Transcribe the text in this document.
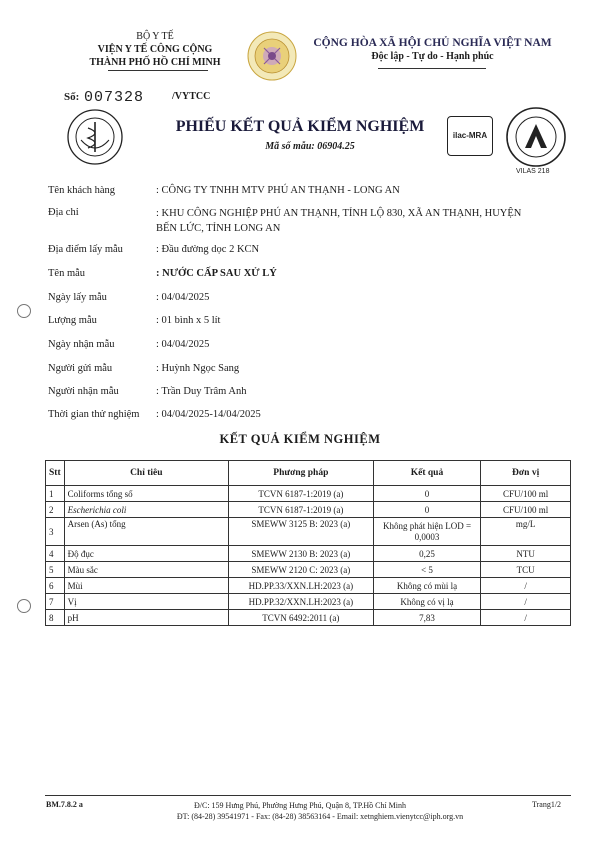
BỘ Y TẾ
VIỆN Y TẾ CÔNG CỘNG
THÀNH PHỐ HỒ CHÍ MINH
CỘNG HÒA XÃ HỘI CHỦ NGHĨA VIỆT NAM
Độc lập - Tự do - Hạnh phúc
Số: 007328	/VYTCC
PHIẾU KẾT QUẢ KIỂM NGHIỆM
Mã số mẫu: 06904.25
ilac-MRA
VILAS 218
Tên khách hàng	: CÔNG TY TNHH MTV PHÚ AN THẠNH - LONG AN
Địa chỉ	: KHU CÔNG NGHIỆP PHÚ AN THẠNH, TỈNH LỘ 830, XÃ AN THẠNH, HUYỆN BẾN LỨC, TỈNH LONG AN
Địa điểm lấy mẫu	: Đầu đường dọc 2 KCN
Tên mẫu	: NƯỚC CẤP SAU XỬ LÝ
Ngày lấy mẫu	: 04/04/2025
Lượng mẫu	: 01 bình x 5 lít
Ngày nhận mẫu	: 04/04/2025
Người gửi mẫu	: Huỳnh Ngọc Sang
Người nhận mẫu	: Trần Duy Trâm Anh
Thời gian thử nghiệm : 04/04/2025-14/04/2025
KẾT QUẢ KIỂM NGHIỆM
Stt	Chỉ tiêu	Phương pháp	Kết quả	Đơn vị
1	Coliforms tổng số	TCVN 6187-1:2019 (a)	0	CFU/100 ml
2	Escherichia coli	TCVN 6187-1:2019 (a)	0	CFU/100 ml
3	Arsen (As) tổng	SMEWW 3125 B: 2023 (a)	Không phát hiện LOD = 0,0003	mg/L
4	Độ đục	SMEWW 2130 B: 2023 (a)	0,25	NTU
5	Màu sắc	SMEWW 2120 C: 2023 (a)	< 5	TCU
6	Mùi	HD.PP.33/XXN.LH:2023 (a)	Không có mùi lạ	/
7	Vị	HD.PP.32/XXN.LH:2023 (a)	Không có vị lạ	/
8	pH	TCVN 6492:2011 (a)	7,83	/
BM.7.8.2 a	Đ/C: 159 Hưng Phú, Phường Hưng Phú, Quận 8, TP.Hồ Chí Minh
ĐT: (84-28) 39541971 - Fax: (84-28) 38563164 - Email: xetnghiem.vienytcc@iph.org.vn
Trang1/2
